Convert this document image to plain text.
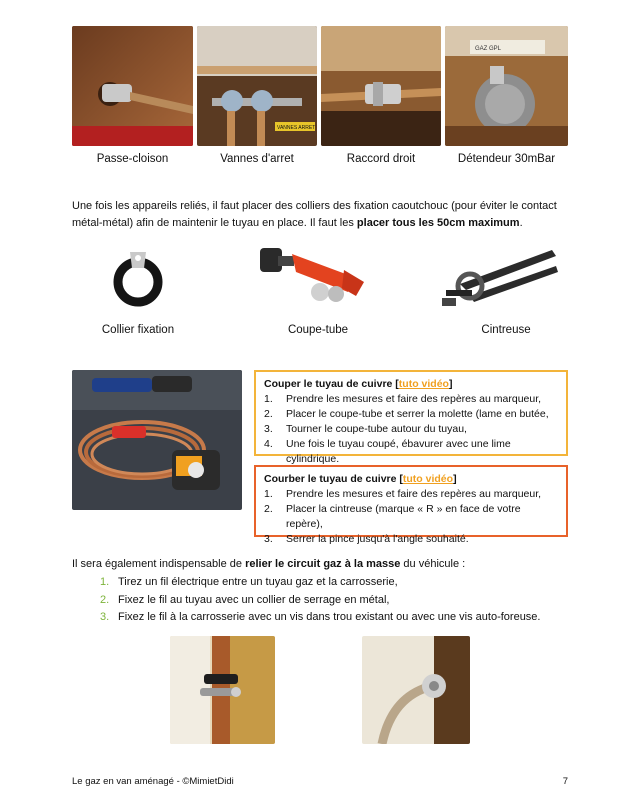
VANNES ARRET
GAZ GPL
Passe-cloison	Vannes d'arret	Raccord droit	Détendeur 30mBar
Une fois les appareils reliés, il faut placer des colliers des fixation caoutchouc (pour éviter le contact métal-métal) afin de maintenir le tuyau en place. Il faut les placer tous les 50cm maximum.
Collier fixation	Coupe-tube	Cintreuse
Couper le tuyau de cuivre [tuto vidéo]
1.	Prendre les mesures et faire des repères au marqueur,
2.	Placer le coupe-tube et serrer la molette (lame en butée,
3.	Tourner le coupe-tube autour du tuyau,
4.	Une fois le tuyau coupé, ébavurer avec une lime cylindrique.
Courber le tuyau de cuivre [tuto vidéo]
1.	Prendre les mesures et faire des repères au marqueur,
2.	Placer la cintreuse (marque « R » en face de votre repère),
3.	Serrer la pince jusqu'à l'angle souhaité.
Il sera également indispensable de relier le circuit gaz à la masse du véhicule :
1. Tirez un fil électrique entre un tuyau gaz et la carrosserie,
2. Fixez le fil au tuyau avec un collier de serrage en métal,
3. Fixez le fil à la carrosserie avec un vis dans trou existant ou avec une vis auto-foreuse.
Le gaz en van aménagé - ©MimietDidi	7
